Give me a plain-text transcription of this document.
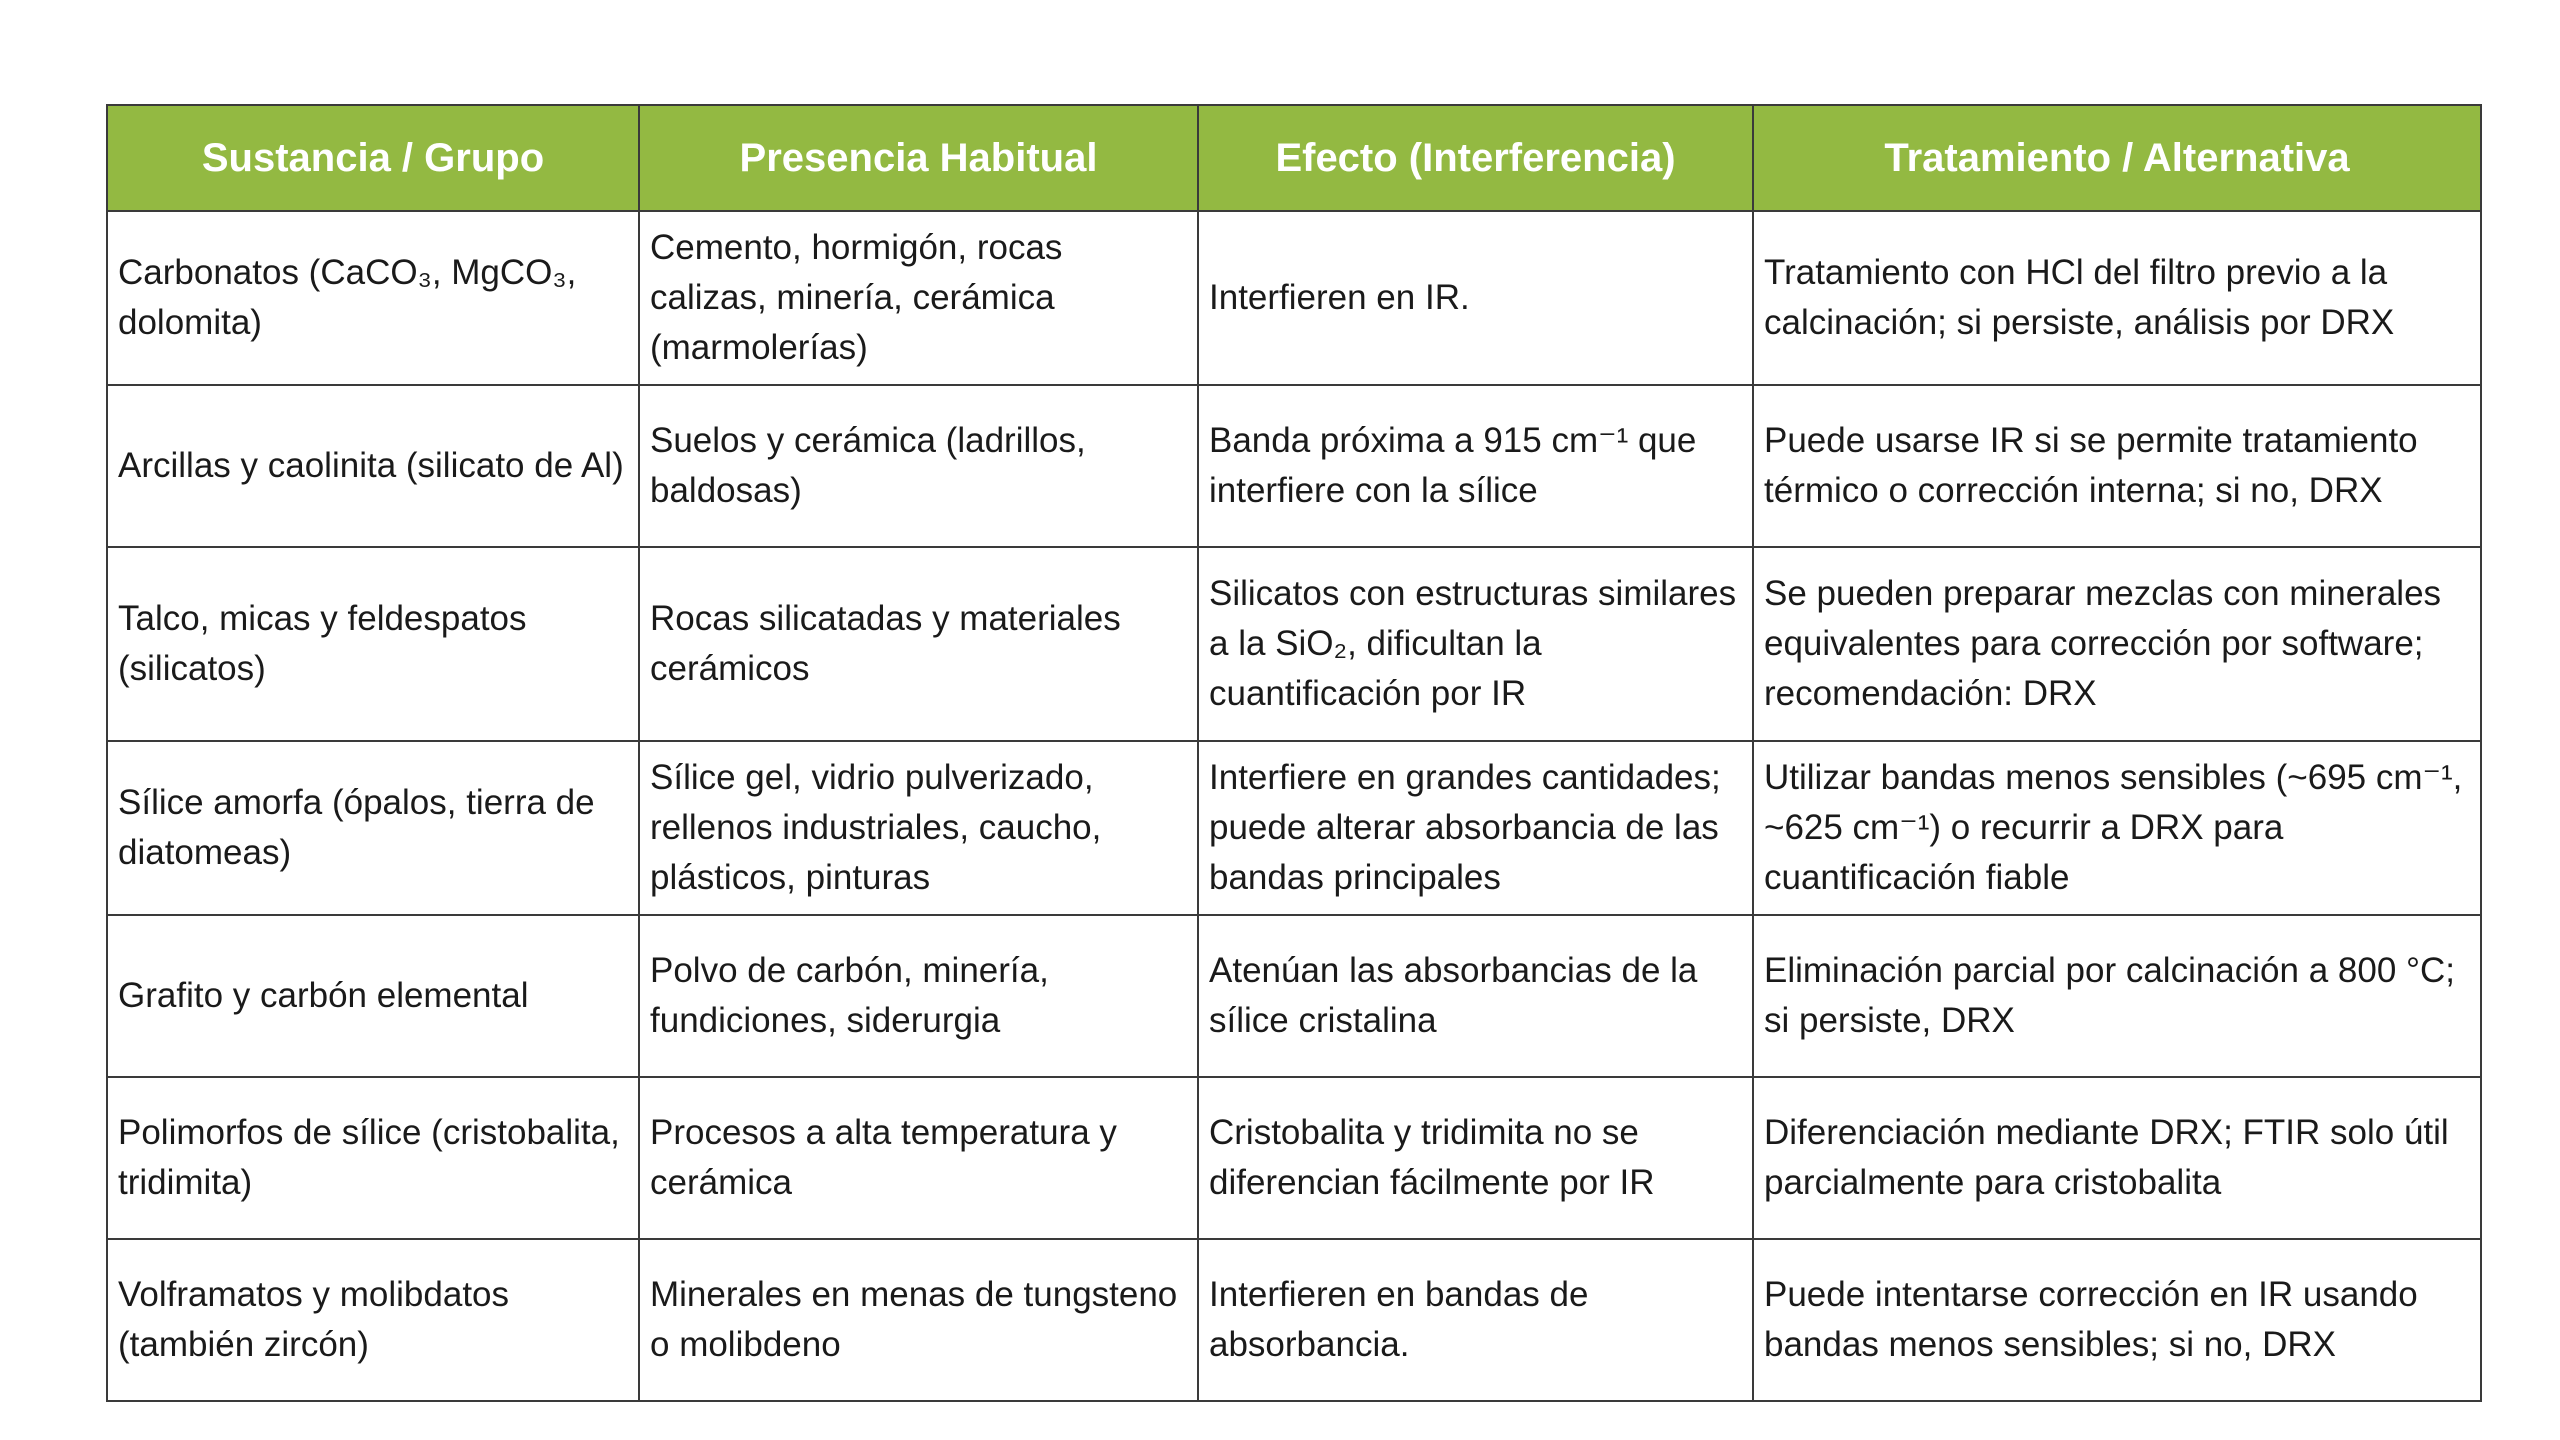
Sustancia / Grupo	Presencia Habitual	Efecto (Interferencia)	Tratamiento / Alternativa
Carbonatos (CaCO₃, MgCO₃, dolomita)	Cemento, hormigón, rocas calizas, minería, cerámica (marmolerías)	Interfieren en IR.	Tratamiento con HCl del filtro previo a la calcinación; si persiste, análisis por DRX
Arcillas y caolinita (silicato de Al)	Suelos y cerámica (ladrillos, baldosas)	Banda próxima a 915 cm⁻¹ que interfiere con la sílice	Puede usarse IR si se permite tratamiento térmico o corrección interna; si no, DRX
Talco, micas y feldespatos (silicatos)	Rocas silicatadas y materiales cerámicos	Silicatos con estructuras similares a la SiO₂, dificultan la cuantificación por IR	Se pueden preparar mezclas con minerales equivalentes para corrección por software; recomendación: DRX
Sílice amorfa (ópalos, tierra de diatomeas)	Sílice gel, vidrio pulverizado, rellenos industriales, caucho, plásticos, pinturas	Interfiere en grandes cantidades; puede alterar absorbancia de las bandas principales	Utilizar bandas menos sensibles (~695 cm⁻¹, ~625 cm⁻¹) o recurrir a DRX para cuantificación fiable
Grafito y carbón elemental	Polvo de carbón, minería, fundiciones, siderurgia	Atenúan las absorbancias de la sílice cristalina	Eliminación parcial por calcinación a 800 °C; si persiste, DRX
Polimorfos de sílice (cristobalita, tridimita)	Procesos a alta temperatura y cerámica	Cristobalita y tridimita no se diferencian fácilmente por IR	Diferenciación mediante DRX; FTIR solo útil parcialmente para cristobalita
Volframatos y molibdatos (también zircón)	Minerales en menas de tungsteno o molibdeno	Interfieren en bandas de absorbancia.	Puede intentarse corrección en IR usando bandas menos sensibles; si no, DRX
